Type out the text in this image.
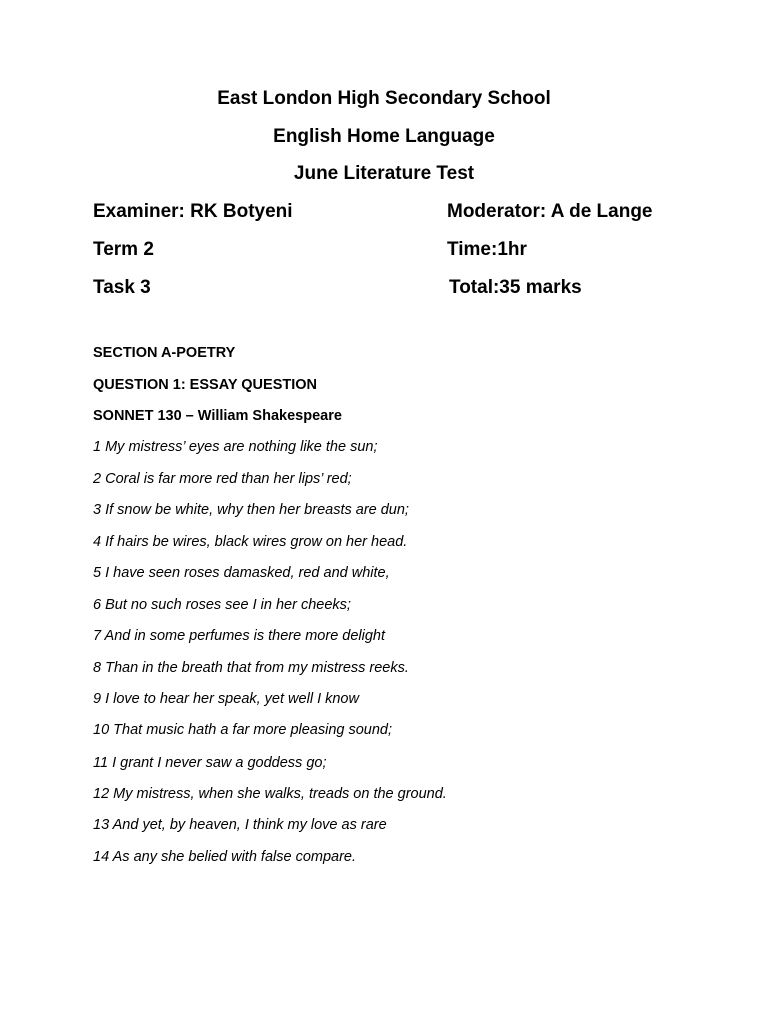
East London High Secondary School
English Home Language
June Literature Test
Examiner: RK Botyeni	Moderator: A de Lange
Term 2	Time:1hr
Task 3	Total:35 marks
SECTION A-POETRY
QUESTION 1: ESSAY QUESTION
SONNET 130 – William Shakespeare
1 My mistress’ eyes are nothing like the sun;
2 Coral is far more red than her lips’ red;
3 If snow be white, why then her breasts are dun;
4 If hairs be wires, black wires grow on her head.
5 I have seen roses damasked, red and white,
6 But no such roses see I in her cheeks;
7 And in some perfumes is there more delight
8 Than in the breath that from my mistress reeks.
9 I love to hear her speak, yet well I know
10 That music hath a far more pleasing sound;
11 I grant I never saw a goddess go;
12 My mistress, when she walks, treads on the ground.
13 And yet, by heaven, I think my love as rare
14 As any she belied with false compare.
